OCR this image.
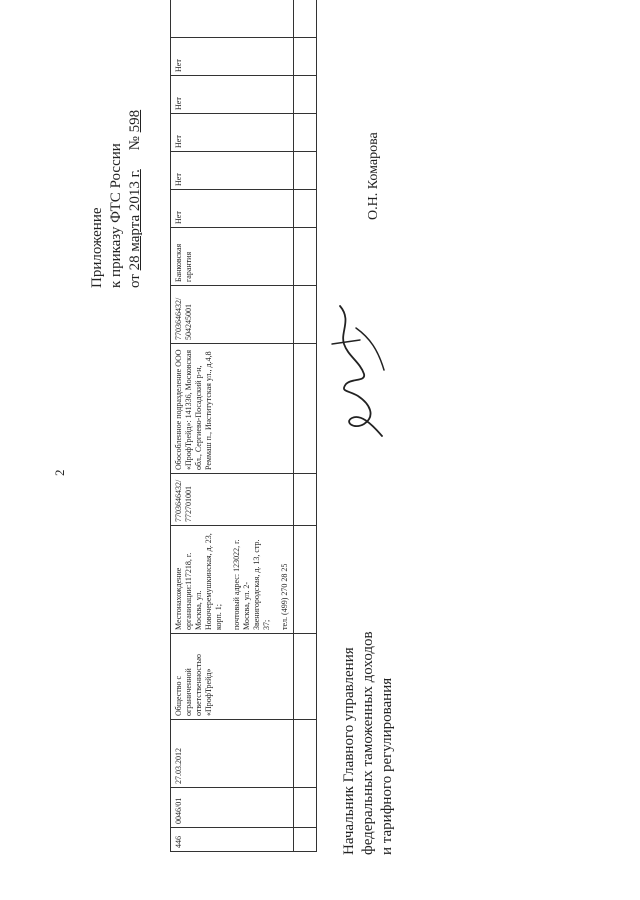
2
Приложение к приказу ФТС России от 28 марта 2013 г.     № 598
446	0046/01	27.03.2012	Общество с ограниченной ответственностью «ПрофТрейд»	Местонахождение организации:117218, г. Москва, ул. Новочеремушкинская, д. 23, корп. 1; почтовый адрес: 123022, г. Москва, ул. 2-Звенигородская, д. 13, стр. 37; тел. (499) 270 28 25	7703646432/ 772701001	Обособленное подразделение ООО «ПрофТрейд»: 141336, Московская обл., Сергиево-Посадский р-н, Реммаш п., Институтская ул., д.4,8	7703646432/ 504245001	Банковская гарантия	Нет	Нет	Нет	Нет	Нет	

Начальник Главного управления федеральных таможенных доходов и тарифного регулирования
О.Н. Комарова
